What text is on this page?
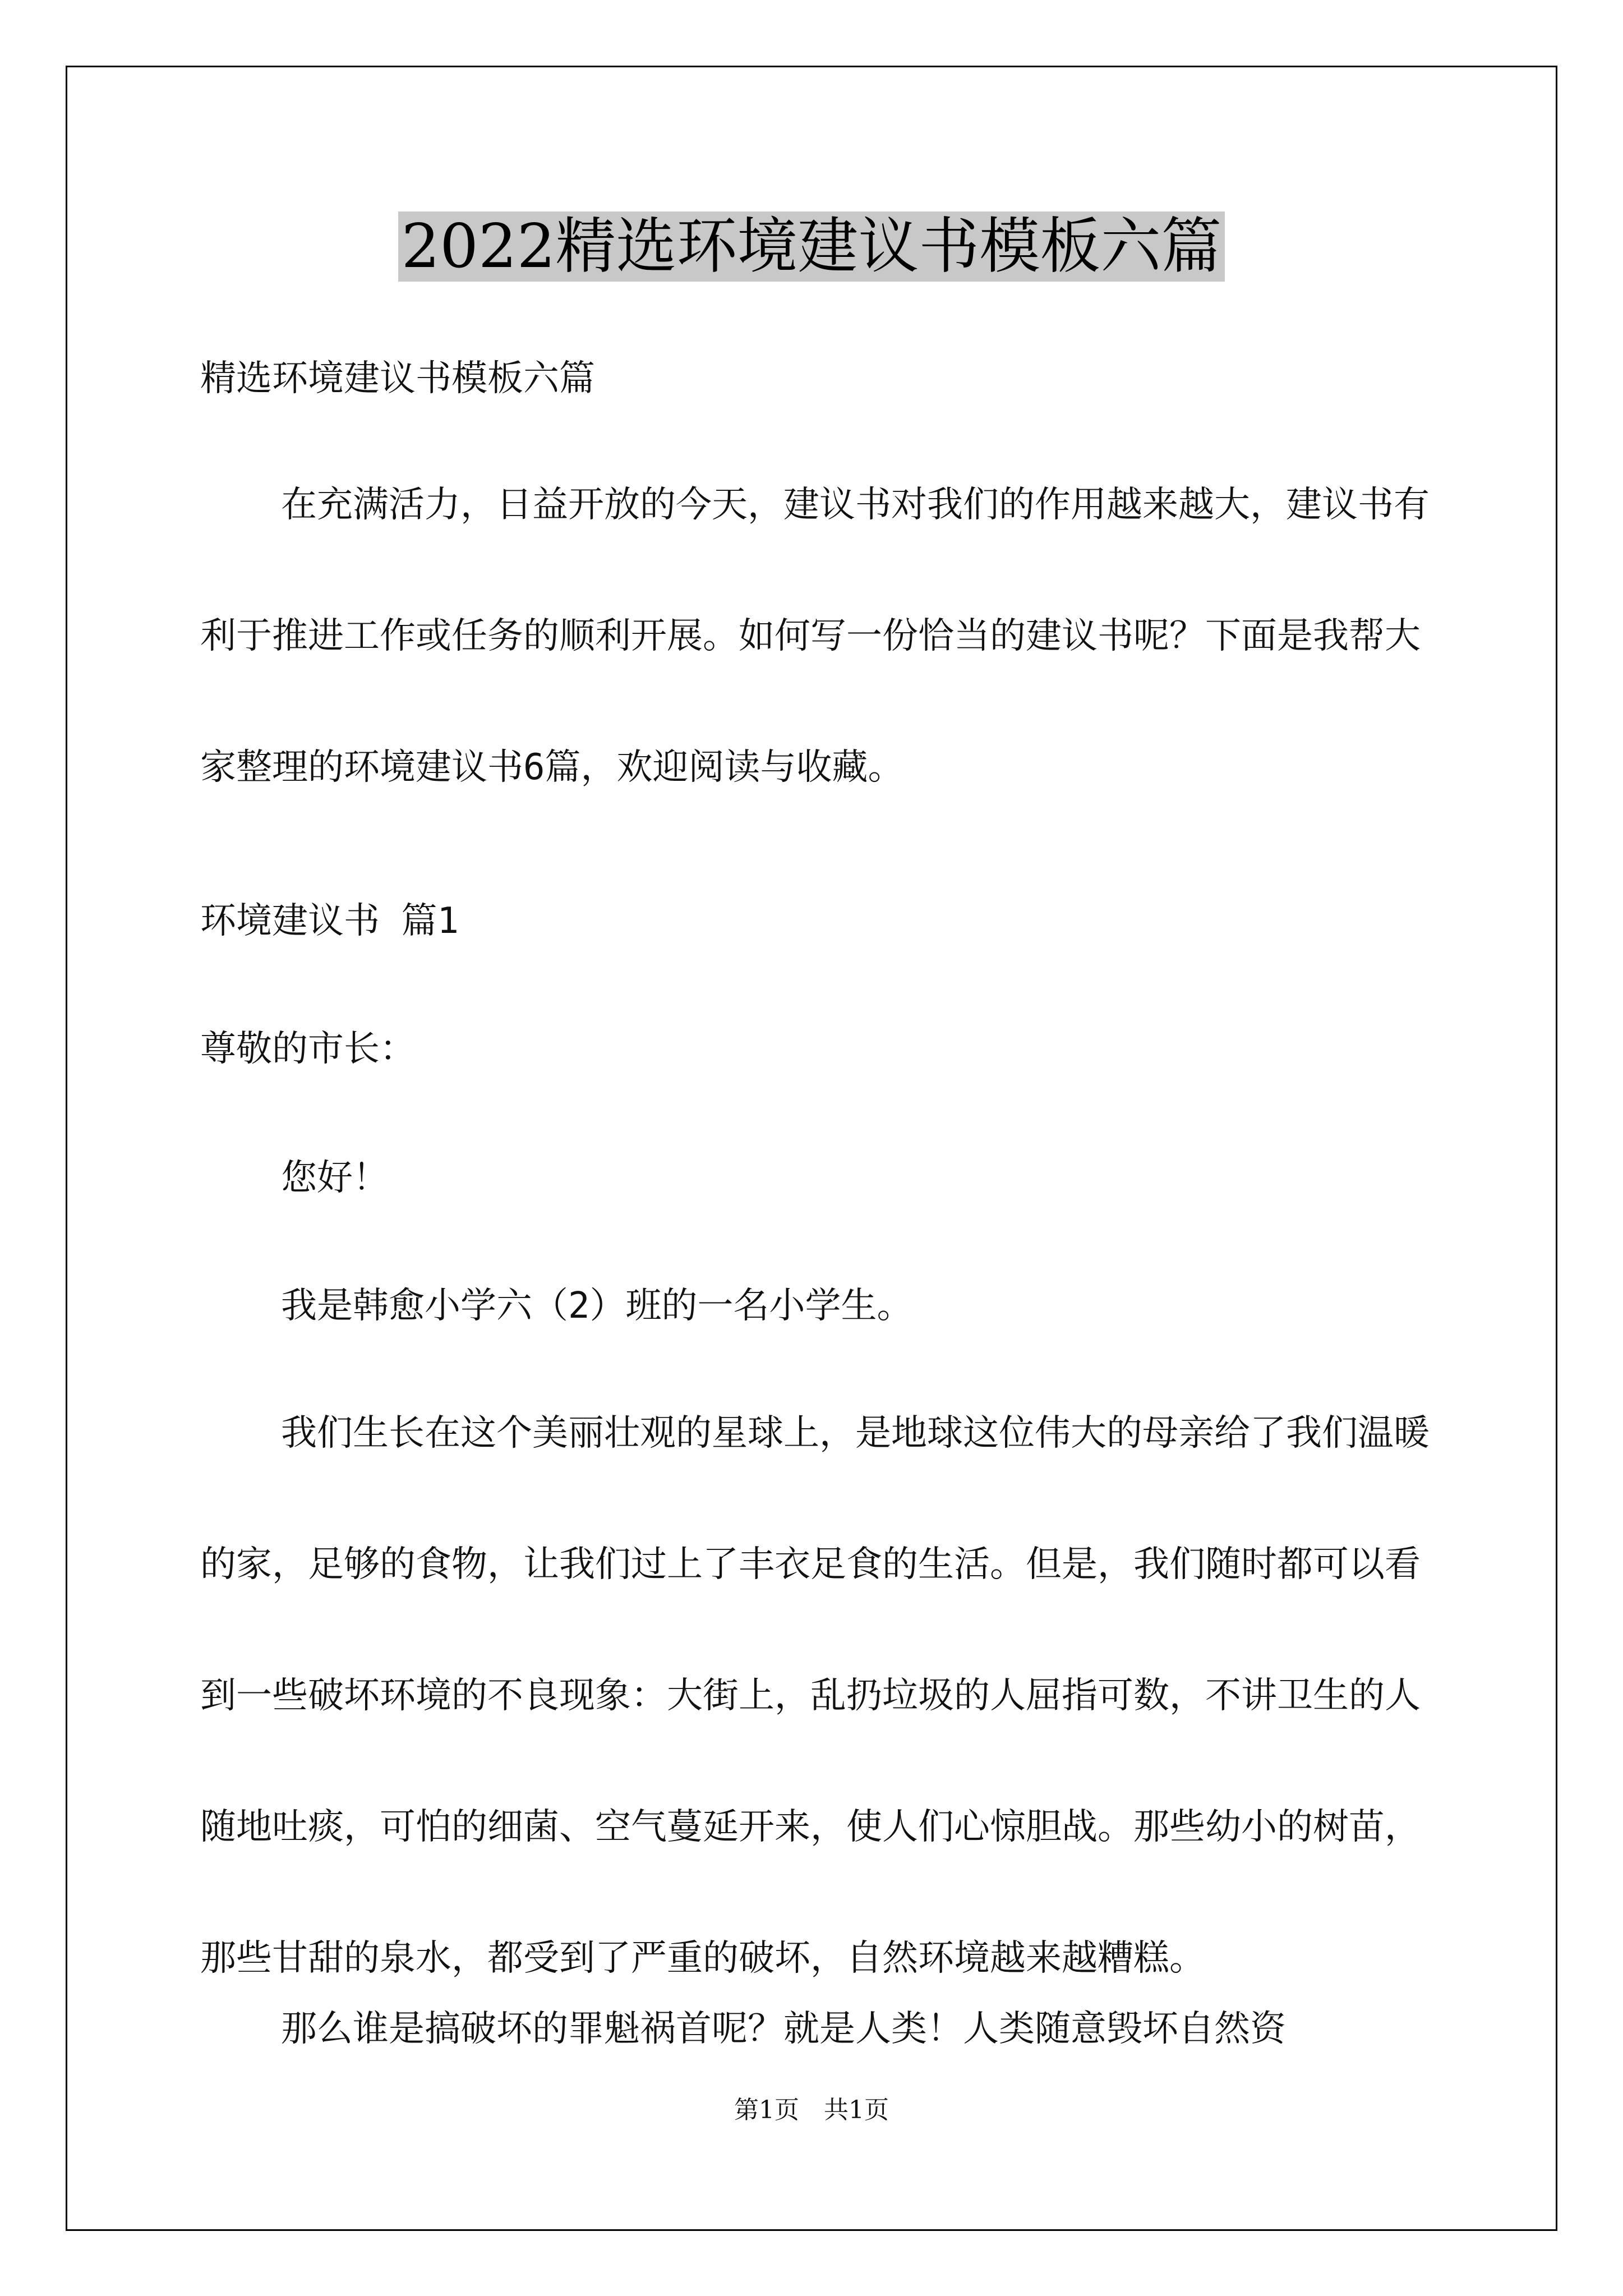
2022精选环境建议书模板六篇
精选环境建议书模板六篇
在充满活力，日益开放的今天，建议书对我们的作用越来越大，建议书有利于推进工作或任务的顺利开展。如何写一份恰当的建议书呢？下面是我帮大家整理的环境建议书6篇，欢迎阅读与收藏。
环境建议书 篇1
尊敬的市长：
您好！
我是韩愈小学六（2）班的一名小学生。
我们生长在这个美丽壮观的星球上，是地球这位伟大的母亲给了我们温暖的家，足够的食物，让我们过上了丰衣足食的生活。但是，我们随时都可以看到一些破坏环境的不良现象：大街上，乱扔垃圾的人屈指可数，不讲卫生的人随地吐痰，可怕的细菌、空气蔓延开来，使人们心惊胆战。那些幼小的树苗，那些甘甜的泉水，都受到了严重的破坏，自然环境越来越糟糕。
那么谁是搞破坏的罪魁祸首呢？就是人类！人类随意毁坏自然资
第1页　共1页
